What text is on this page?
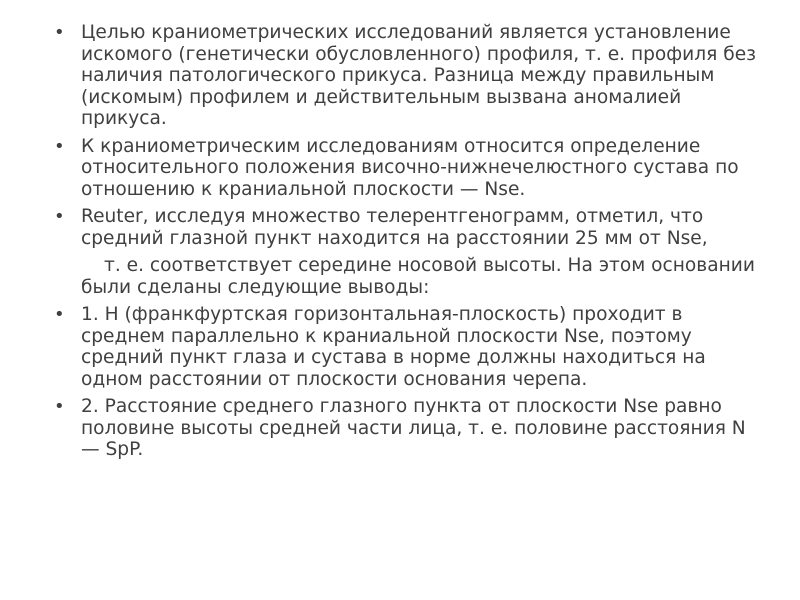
• Целью краниометрических исследований является установление искомого (генетически обусловленного) профиля, т. е. профиля без наличия патологического прикуса. Разница между правильным (искомым) профилем и действительным вызвана аномалией прикуса.
• К краниометрическим исследованиям относится определение относительного положения височно-нижнечелюстного сустава по отношению к краниальной плоскости — Nse.
• Reuter, исследуя множество телерентгенограмм, отметил, что средний глазной пункт находится на расстоянии 25 мм от Nse,
т. е. соответствует середине носовой высоты. На этом основании были сделаны следующие выводы:
• 1. Н (франкфуртская горизонтальная-плоскость) проходит в среднем параллельно к краниальной плоскости Nse, поэтому средний пункт глаза и сустава в норме должны находиться на одном расстоянии от плоскости основания черепа.
• 2. Расстояние среднего глазного пункта от плоскости Nse равно половине высоты средней части лица, т. е. половине расстояния N — SpP.
